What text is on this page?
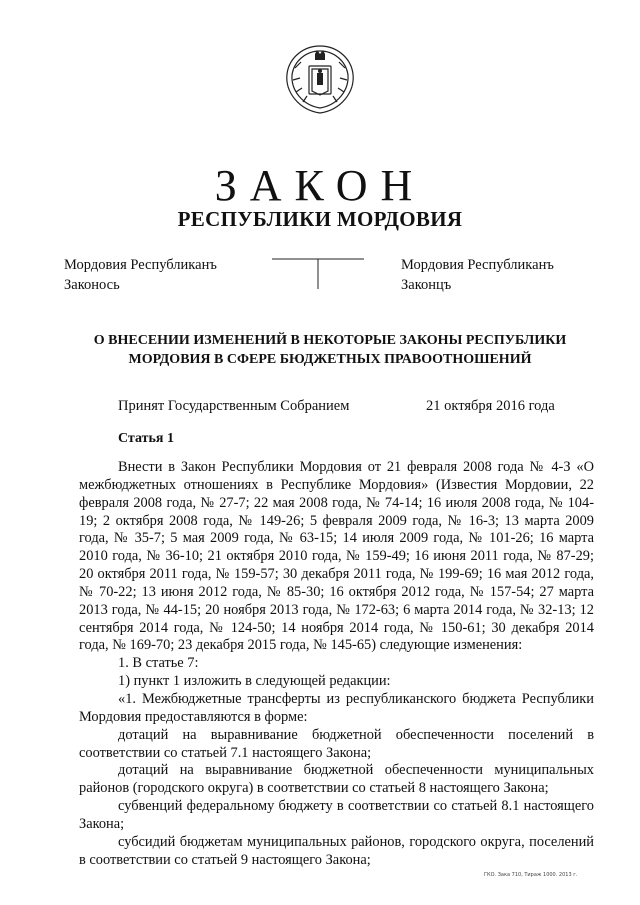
ЗАКОН
РЕСПУБЛИКИ МОРДОВИЯ
Мордовия Республиканъ
Законось
Мордовия Республиканъ
Законцъ
О ВНЕСЕНИИ ИЗМЕНЕНИЙ В НЕКОТОРЫЕ ЗАКОНЫ РЕСПУБЛИКИ
МОРДОВИЯ В СФЕРЕ БЮДЖЕТНЫХ ПРАВООТНОШЕНИЙ
Принят Государственным Собранием	21 октября 2016 года
Статья 1

Внести в Закон Республики Мордовия от 21 февраля 2008 года № 4-З «О межбюджетных отношениях в Республике Мордовия» (Известия Мордовии, 22 февраля 2008 года, № 27-7; 22 мая 2008 года, № 74-14; 16 июля 2008 года, № 104-19; 2 октября 2008 года, № 149-26; 5 февраля 2009 года, № 16-3; 13 марта 2009 года, № 35-7; 5 мая 2009 года, № 63-15; 14 июля 2009 года, № 101-26; 16 марта 2010 года, № 36-10; 21 октября 2010 года, № 159-49; 16 июня 2011 года, № 87-29; 20 октября 2011 года, № 159-57; 30 декабря 2011 года, № 199-69; 16 мая 2012 года, № 70-22; 13 июня 2012 года, № 85-30; 16 октября 2012 года, № 157-54; 27 марта 2013 года, № 44-15; 20 ноября 2013 года, № 172-63; 6 марта 2014 года, № 32-13; 12 сентября 2014 года, № 124-50; 14 ноября 2014 года, № 150-61; 30 декабря 2014 года, № 169-70; 23 декабря 2015 года, № 145-65) следующие изменения:

1. В статье 7:

1) пункт 1 изложить в следующей редакции:

«1. Межбюджетные трансферты из республиканского бюджета Республики Мордовия предоставляются в форме:

дотаций на выравнивание бюджетной обеспеченности поселений в соответствии со статьей 7.1 настоящего Закона;

дотаций на выравнивание бюджетной обеспеченности муниципальных районов (городского округа) в соответствии со статьей 8 настоящего Закона;

субвенций федеральному бюджету в соответствии со статьей 8.1 настоящего Закона;

субсидий бюджетам муниципальных районов, городского округа, поселений в соответствии со статьей 9 настоящего Закона;

ГКО. Зака 710, Тираж 1000. 2013 г.
